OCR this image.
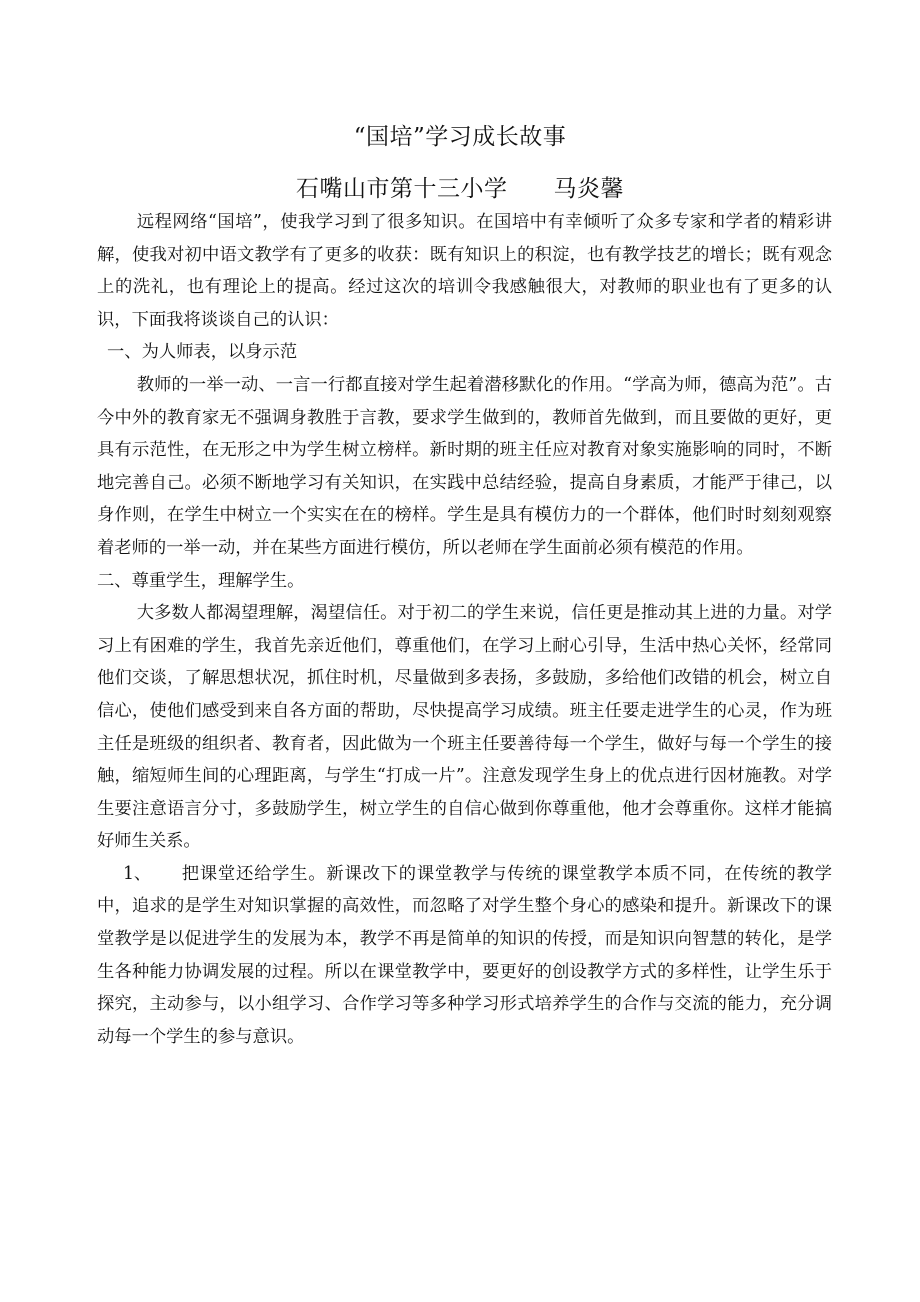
“国培”学习成长故事
石嘴山市第十三小学 马炎馨

远程网络“国培”，使我学习到了很多知识。在国培中有幸倾听了众多专家和学者的精彩讲解，使我对初中语文教学有了更多的收获：既有知识上的积淀，也有教学技艺的增长；既有观念上的洗礼，也有理论上的提高。经过这次的培训令我感触很大，对教师的职业也有了更多的认识，下面我将谈谈自己的认识：

一、为人师表，以身示范

教师的一举一动、一言一行都直接对学生起着潜移默化的作用。“学高为师，德高为范”。古今中外的教育家无不强调身教胜于言教，要求学生做到的，教师首先做到，而且要做的更好，更具有示范性，在无形之中为学生树立榜样。新时期的班主任应对教育对象实施影响的同时，不断地完善自己。必须不断地学习有关知识，在实践中总结经验，提高自身素质，才能严于律己，以身作则，在学生中树立一个实实在在的榜样。学生是具有模仿力的一个群体，他们时时刻刻观察着老师的一举一动，并在某些方面进行模仿，所以老师在学生面前必须有模范的作用。

二、尊重学生，理解学生。

大多数人都渴望理解，渴望信任。对于初二的学生来说，信任更是推动其上进的力量。对学习上有困难的学生，我首先亲近他们，尊重他们，在学习上耐心引导，生活中热心关怀，经常同他们交谈，了解思想状况，抓住时机，尽量做到多表扬，多鼓励，多给他们改错的机会，树立自信心，使他们感受到来自各方面的帮助，尽快提高学习成绩。班主任要走进学生的心灵，作为班主任是班级的组织者、教育者，因此做为一个班主任要善待每一个学生，做好与每一个学生的接触，缩短师生间的心理距离，与学生“打成一片”。注意发现学生身上的优点进行因材施教。对学生要注意语言分寸，多鼓励学生，树立学生的自信心做到你尊重他，他才会尊重你。这样才能搞好师生关系。

1、 把课堂还给学生。新课改下的课堂教学与传统的课堂教学本质不同，在传统的教学中，追求的是学生对知识掌握的高效性，而忽略了对学生整个身心的感染和提升。新课改下的课堂教学是以促进学生的发展为本，教学不再是简单的知识的传授，而是知识向智慧的转化，是学生各种能力协调发展的过程。所以在课堂教学中，要更好的创设教学方式的多样性，让学生乐于探究，主动参与，以小组学习、合作学习等多种学习形式培养学生的合作与交流的能力，充分调动每一个学生的参与意识。
